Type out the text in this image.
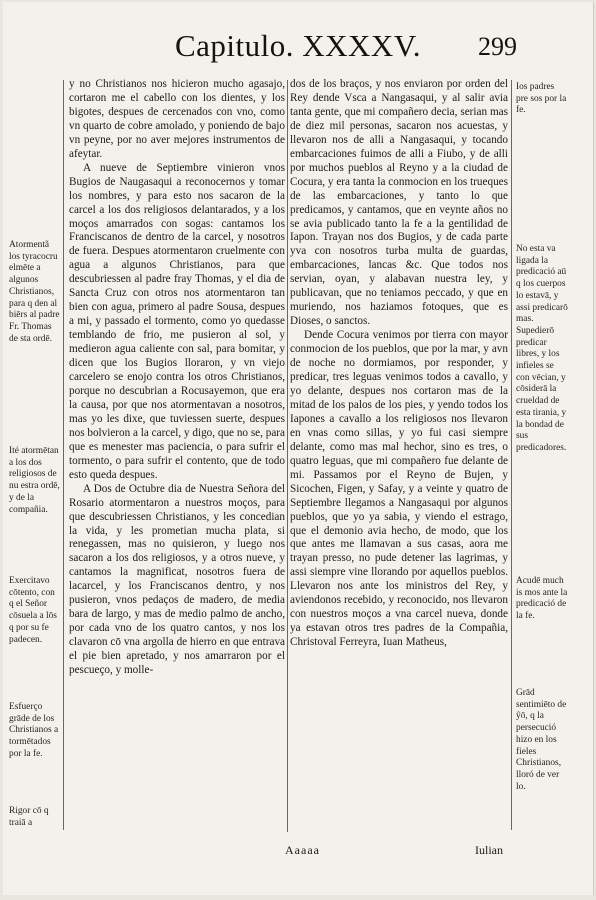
Capitulo. XXXXV. 299

y no Christianos nos hicieron mucho agasajo, cortaron me el cabello con los dientes, y los bigotes, despues de cercenados con vno, como vn quarto de cobre amolado, y poniendo de bajo vn peyne, por no aver mejores instrumentos de afeytar.

A nueve de Septiembre vinieron vnos Bugios de Naugasaqui a reconocernos y tomar los nombres, y para esto nos sacaron de la carcel a los dos religiosos delantarados, y a los moços amarrados con sogas: cantamos los Franciscanos de dentro de la carcel, y nosotros de fuera. Despues atormentaron cruelmente con agua a algunos Christianos, para que descubriessen al padre fray Thomas, y el dia de Sancta Cruz con otros nos atormentaron tan bien con agua, primero al padre Sousa, despues a mi, y passado el tormento, como yo quedasse temblando de frio, me pusieron al sol, y medieron agua caliente con sal, para bomitar, y dicen que los Bugios lloraron, y vn viejo carcelero se enojo contra los otros Christianos, porque no descubrian a Rocusayemon, que era la causa, por que nos atormentavan a nosotros, mas yo les dixe, que tuviessen suerte, despues nos bolvieron a la carcel, y digo, que no se, para que es menester mas paciencia, o para sufrir el tormento, o para sufrir el contento, que de todo esto queda despues.

A Dos de Octubre dia de Nuestra Señora del Rosario atormentaron a nuestros moços, para que descubriessen Christianos, y les concedian la vida, y les prometian mucha plata, si renegassen, mas no quisieron, y luego nos sacaron a los dos religiosos, y a otros nueve, y cantamos la magnificat, nosotros fuera de lacarcel, y los Franciscanos dentro, y nos pusieron, vnos pedaços de madero, de media bara de largo, y mas de medio palmo de ancho, por cada vno de los quatro cantos, y nos los clavaron cō vna argolla de hierro en que entrava el pie bien apretado, y nos amarraron por el pescueço, y molle-

dos de los braços, y nos enviaron por orden del Rey dende Vsca a Nangasaqui, y al salir avia tanta gente, que mi compañero decia, serian mas de diez mil personas, sacaron nos acuestas, y llevaron nos de alli a Nangasaqui, y tocando embarcaciones fuimos de alli a Fiubo, y de alli por muchos pueblos al Reyno y a la ciudad de Cocura, y era tanta la conmocion en los trueques de las embarcaciones, y tanto lo que predicamos, y cantamos, que en veynte años no se avia publicado tanto la fe a la gentilidad de Iapon. Trayan nos dos Bugios, y de cada parte yva con nosotros turba multa de guardas, embarcaciones, lancas &c. Que todos nos servian, oyan, y alabavan nuestra ley, y publicavan, que no teniamos peccado, y que en muriendo, nos haziamos fotoques, que es Dioses, o sanctos.

Dende Cocura venimos por tierra con mayor conmocion de los pueblos, que por la mar, y avn de noche no dormiamos, por responder, y predicar, tres leguas venimos todos a cavallo, y yo delante, despues nos cortaron mas de la mitad de los palos de los pies, y yendo todos los Iapones a cavallo a los religiosos nos llevaron en vnas como sillas, y yo fui casi siempre delante, como mas mal hechor, sino es tres, o quatro leguas, que mi compañero fue delante de mi. Passamos por el Reyno de Bujen, y Sicochen, Figen, y Safay, y a veinte y quatro de Septiembre llegamos a Nangasaqui por algunos pueblos, que yo ya sabia, y viendo el estrago, que el demonio avia hecho, de modo, que los que antes me llamavan a sus casas, aora me trayan presso, no pude detener las lagrimas, y assi siempre vine llorando por aquellos pueblos. Llevaron nos ante los ministros del Rey, y aviendonos recebido, y reconocido, nos llevaron con nuestros moços a vna carcel nueva, donde ya estavan otros tres padres de la Compañia, Christoval Ferreyra, Iuan Matheus,

Atormentã los tyracocru elmēte a algunos Christianos, para q den al biērs al padre Fr. Thomas de sta ordē.
Ité atormētan a los dos religiosos de nu estra ordē, y de la compañia.
Exercitavo cōtento, con q el Señor cōsuela a lōs q por su fe padecen.
Esfuerço grāde de los Christianos a tormētados por la fe.
Rigor cō q traiā a
Ios padres pre sos por la fe.
No esta va ligada la predicació aū q los cuerpos lo estavā, y assi predicarō mas. Supedierō predicar libres, y los infieles se con vēcian, y cōsiderā la crueldad de esta tirania, y la bondad de sus predicadores.
Acudē much is mos ante la predicació de la fe.
Grād sentimiēto de ŷō, q la persecució hizo en los fieles Christianos, lloró de ver lo.
Aaaaa	Iulian
